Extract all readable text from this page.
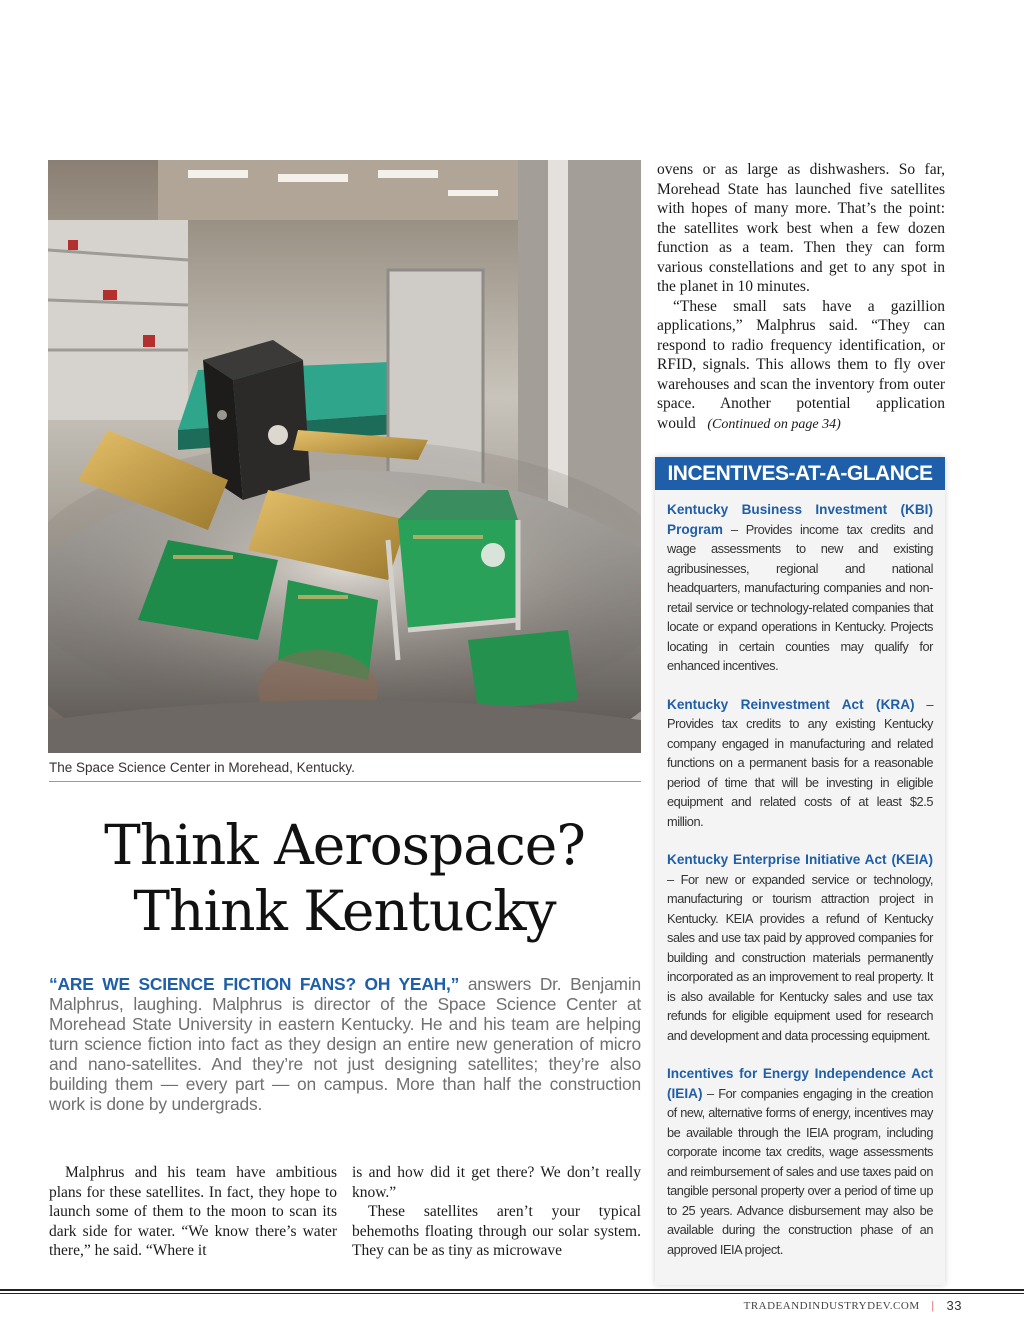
The Space Science Center in Morehead, Kentucky.
Think Aerospace?
Think Kentucky
“ARE WE SCIENCE FICTION FANS? OH YEAH,” answers Dr. Benjamin Malphrus, laughing. Malphrus is director of the Space Science Center at Morehead State University in eastern Kentucky. He and his team are helping turn science fiction into fact as they design an entire new generation of micro and nano-satellites. And they’re not just designing satellites; they’re also building them — every part — on campus. More than half the construction work is done by undergrads.

Malphrus and his team have ambitious plans for these satellites. In fact, they hope to launch some of them to the moon to scan its dark side for water. “We know there’s water there,” he said. “Where it

is and how did it get there? We don’t really know.”

These satellites aren’t your typical behemoths floating through our solar system. They can be as tiny as microwave

ovens or as large as dishwashers. So far, Morehead State has launched five satellites with hopes of many more. That’s the point: the satellites work best when a few dozen function as a team. Then they can form various constellations and get to any spot in the planet in 10 minutes.

“These small sats have a gazillion applications,” Malphrus said. “They can respond to radio frequency identification, or RFID, signals. This allows them to fly over warehouses and scan the inventory from outer space. Another potential application would (Continued on page 34)

INCENTIVES-AT-A-GLANCE
Kentucky Business Investment (KBI) Program – Provides income tax credits and wage assessments to new and existing agribusinesses, regional and national headquarters, manufacturing companies and non-retail service or technology-related companies that locate or expand operations in Kentucky. Projects locating in certain counties may qualify for enhanced incentives.
Kentucky Reinvestment Act (KRA) – Provides tax credits to any existing Kentucky company engaged in manufacturing and related functions on a permanent basis for a reasonable period of time that will be investing in eligible equipment and related costs of at least $2.5 million.
Kentucky Enterprise Initiative Act (KEIA) – For new or expanded service or technology, manufacturing or tourism attraction project in Kentucky. KEIA provides a refund of Kentucky sales and use tax paid by approved companies for building and construction materials permanently incorporated as an improvement to real property. It is also available for Kentucky sales and use tax refunds for eligible equipment used for research and development and data processing equipment.
Incentives for Energy Independence Act (IEIA) – For companies engaging in the creation of new, alternative forms of energy, incentives may be available through the IEIA program, including corporate income tax credits, wage assessments and reimbursement of sales and use taxes paid on tangible personal property over a period of time up to 25 years. Advance disbursement may also be available during the construction phase of an approved IEIA project.
TRADEANDINDUSTRYDEV.COM | 33
